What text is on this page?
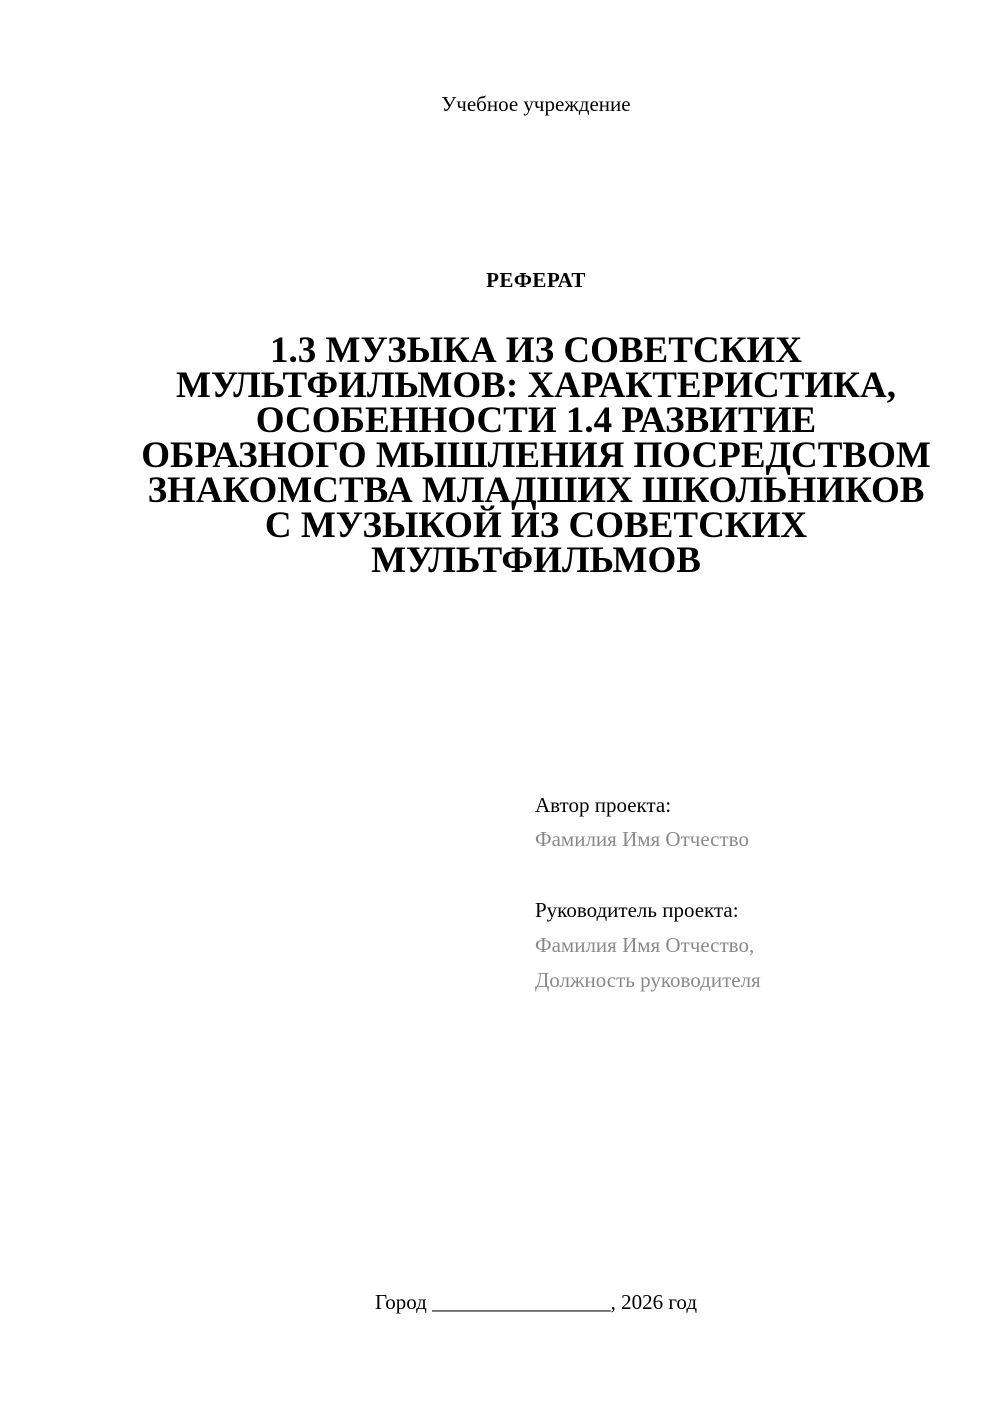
Учебное учреждение
РЕФЕРАТ
1.3 МУЗЫКА ИЗ СОВЕТСКИХ МУЛЬТФИЛЬМОВ: ХАРАКТЕРИСТИКА, ОСОБЕННОСТИ 1.4 РАЗВИТИЕ ОБРАЗНОГО МЫШЛЕНИЯ ПОСРЕДСТВОМ ЗНАКОМСТВА МЛАДШИХ ШКОЛЬНИКОВ С МУЗЫКОЙ ИЗ СОВЕТСКИХ МУЛЬТФИЛЬМОВ
Автор проекта:
Фамилия Имя Отчество
Руководитель проекта:
Фамилия Имя Отчество,
Должность руководителя
Город _________________, 2026 год
